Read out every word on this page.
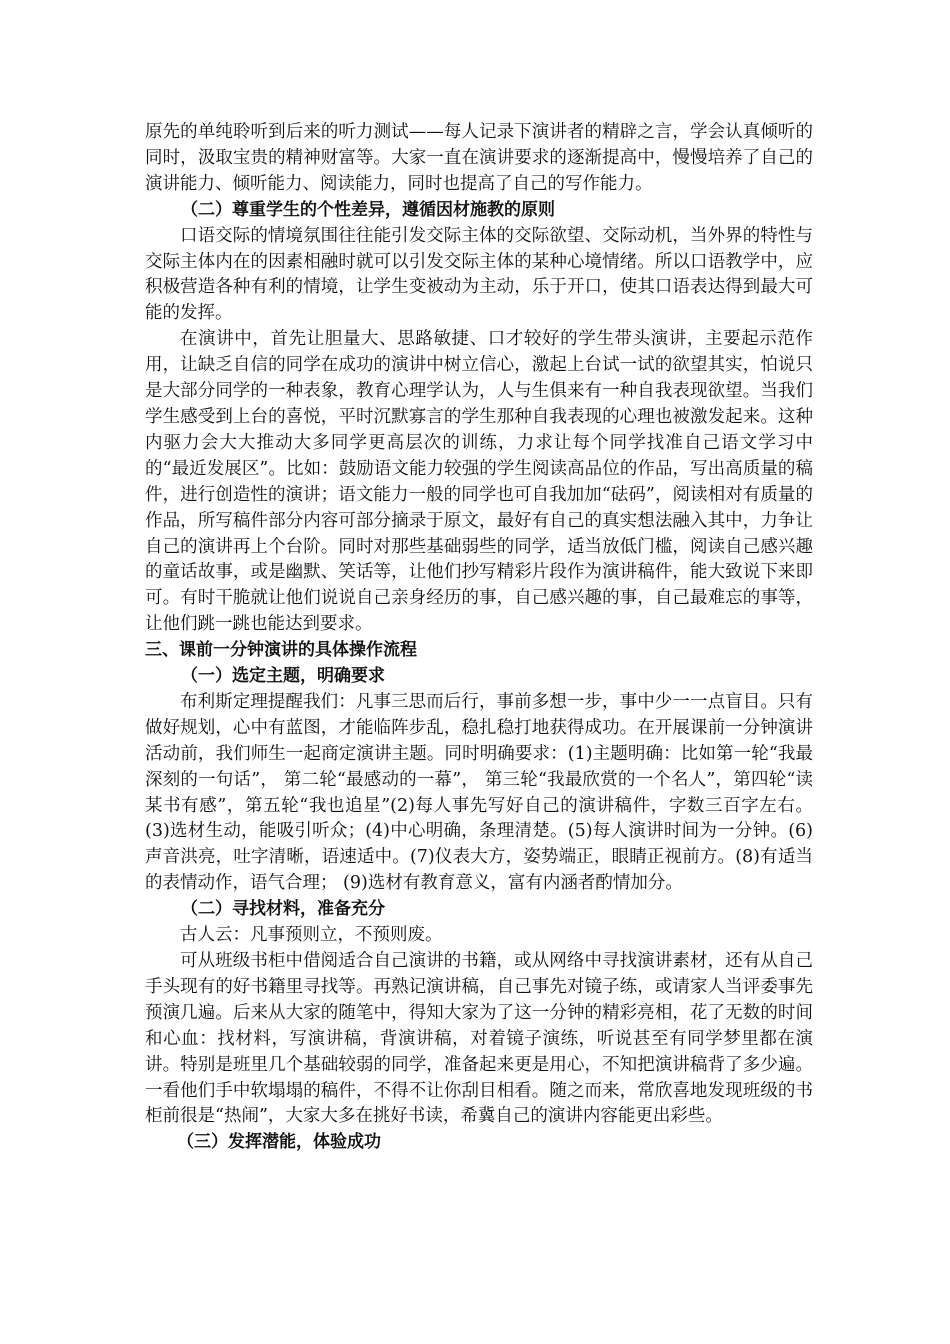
原先的单纯聆听到后来的听力测试——每人记录下演讲者的精辟之言，学会认真倾听的同时，汲取宝贵的精神财富等。大家一直在演讲要求的逐渐提高中，慢慢培养了自己的演讲能力、倾听能力、阅读能力，同时也提高了自己的写作能力。

（二）尊重学生的个性差异，遵循因材施教的原则

口语交际的情境氛围往往能引发交际主体的交际欲望、交际动机，当外界的特性与交际主体内在的因素相融时就可以引发交际主体的某种心境情绪。所以口语教学中，应积极营造各种有利的情境，让学生变被动为主动，乐于开口，使其口语表达得到最大可能的发挥。

在演讲中，首先让胆量大、思路敏捷、口才较好的学生带头演讲，主要起示范作用，让缺乏自信的同学在成功的演讲中树立信心，激起上台试一试的欲望其实，怕说只是大部分同学的一种表象，教育心理学认为，人与生俱来有一种自我表现欲望。当我们学生感受到上台的喜悦，平时沉默寡言的学生那种自我表现的心理也被激发起来。这种内驱力会大大推动大多同学更高层次的训练，力求让每个同学找准自己语文学习中的“最近发展区”。比如：鼓励语文能力较强的学生阅读高品位的作品，写出高质量的稿件，进行创造性的演讲；语文能力一般的同学也可自我加加“砝码”，阅读相对有质量的作品，所写稿件部分内容可部分摘录于原文，最好有自己的真实想法融入其中，力争让自己的演讲再上个台阶。同时对那些基础弱些的同学，适当放低门槛，阅读自己感兴趣的童话故事，或是幽默、笑话等，让他们抄写精彩片段作为演讲稿件，能大致说下来即可。有时干脆就让他们说说自己亲身经历的事，自己感兴趣的事，自己最难忘的事等，让他们跳一跳也能达到要求。

三、课前一分钟演讲的具体操作流程

（一）选定主题，明确要求

布利斯定理提醒我们：凡事三思而后行，事前多想一步，事中少一一点盲目。只有做好规划，心中有蓝图，才能临阵步乱，稳扎稳打地获得成功。在开展课前一分钟演讲活动前，我们师生一起商定演讲主题。同时明确要求：(1)主题明确：比如第一轮“我最深刻的一句话”， 第二轮“最感动的一幕”， 第三轮“我最欣赏的一个名人”，第四轮“读某书有感”，第五轮“我也追星”(2)每人事先写好自己的演讲稿件，字数三百字左右。(3)选材生动，能吸引听众；(4)中心明确，条理清楚。(5)每人演讲时间为一分钟。(6)声音洪亮，吐字清晰，语速适中。(7)仪表大方，姿势端正，眼睛正视前方。(8)有适当的表情动作，语气合理； (9)选材有教育意义，富有内涵者酌情加分。

（二）寻找材料，准备充分

古人云：凡事预则立，不预则废。

可从班级书柜中借阅适合自己演讲的书籍，或从网络中寻找演讲素材，还有从自己手头现有的好书籍里寻找等。再熟记演讲稿，自己事先对镜子练，或请家人当评委事先预演几遍。后来从大家的随笔中，得知大家为了这一分钟的精彩亮相，花了无数的时间和心血：找材料，写演讲稿，背演讲稿，对着镜子演练，听说甚至有同学梦里都在演讲。特别是班里几个基础较弱的同学，准备起来更是用心，不知把演讲稿背了多少遍。一看他们手中软塌塌的稿件，不得不让你刮目相看。随之而来，常欣喜地发现班级的书柜前很是“热闹”，大家大多在挑好书读，希冀自己的演讲内容能更出彩些。

（三）发挥潜能，体验成功
